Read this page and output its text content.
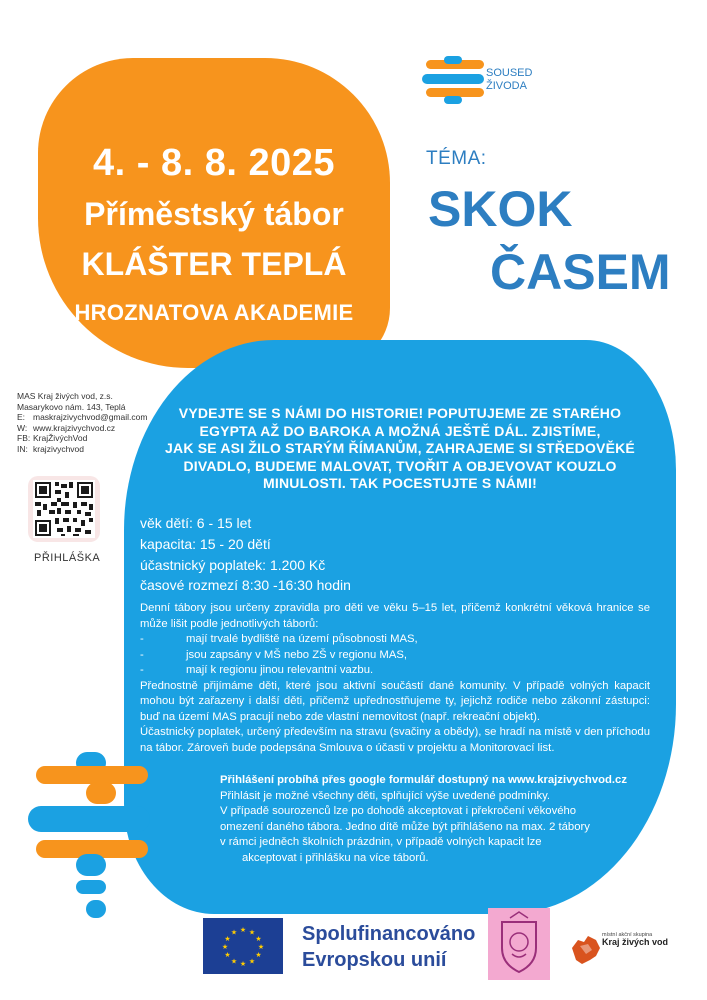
4. - 8. 8. 2025
Příměstský tábor
KLÁŠTER TEPLÁ
HROZNATOVA AKADEMIE
SOUSED
ŽIVODA
TÉMA:
SKOK
ČASEM
VYDEJTE SE S NÁMI DO HISTORIE! POPUTUJEME ZE STARÉHO
EGYPTA AŽ DO BAROKA A MOŽNÁ JEŠTĚ DÁL. ZJISTÍME,
JAK SE ASI ŽILO STARÝM ŘÍMANŮM, ZAHRAJEME SI STŘEDOVĚKÉ
DIVADLO, BUDEME MALOVAT, TVOŘIT A OBJEVOVAT KOUZLO
MINULOSTI. TAK POCESTUJTE S NÁMI!
věk dětí: 6 - 15 let
kapacita: 15 - 20 dětí
účastnický poplatek: 1.200 Kč
časové rozmezí 8:30 -16:30 hodin
Denní tábory jsou určeny zpravidla pro děti ve věku 5–15 let, přičemž konkrétní věková hranice se může lišit podle jednotlivých táborů:
-	mají trvalé bydliště na území působnosti MAS,
-	jsou zapsány v MŠ nebo ZŠ v regionu MAS,
-	mají k regionu jinou relevantní vazbu.
Přednostně přijímáme děti, které jsou aktivní součástí dané komunity. V případě volných kapacit mohou být zařazeny i další děti, přičemž upřednostňujeme ty, jejichž rodiče nebo zákonní zástupci: buď na území MAS pracují nebo zde vlastní nemovitost (např. rekreační objekt).
Účastnický poplatek, určený především na stravu (svačiny a obědy), se hradí na místě v den příchodu na tábor. Zároveň bude podepsána Smlouva o účasti v projektu a Monitorovací list.
Přihlášení probíhá přes google formulář dostupný na www.krajzivychvod.cz
Přihlásit je možné všechny děti, splňující výše uvedené podmínky.
V případě sourozenců lze po dohodě akceptovat i překročení věkového
omezení daného tábora. Jedno dítě může být přihlášeno na max. 2 tábory
v rámci jedněch školních prázdnin, v případě volných kapacit lze
akceptovat i přihlášku na více táborů.
MAS Kraj živých vod, z.s.
Masarykovo nám. 143, Teplá
E: maskrajzivychvod@gmail.com
W: www.krajzivychvod.cz
FB: KrajŽivýchVod
IN: krajzivychvod
PŘIHLÁŠKA
★ ★
★
★
★
★
★
★
★
★
★
★	Spolufinancováno
Evropskou unií
místní akční skupina
Kraj živých vod
